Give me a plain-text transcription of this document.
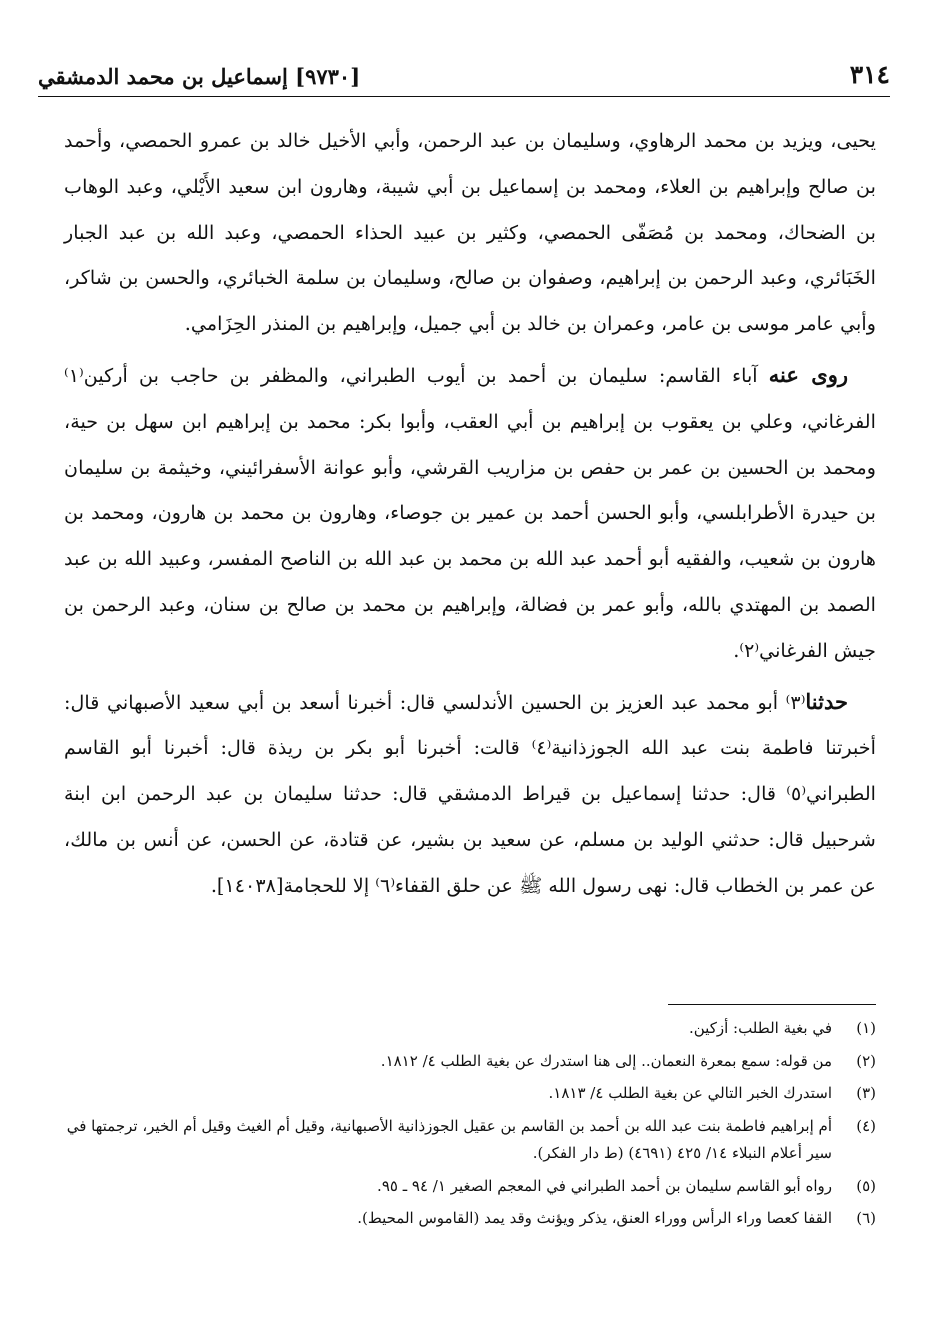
٣١٤
[٩٧٣٠] إسماعيل بن محمد الدمشقي

يحيى، ويزيد بن محمد الرهاوي، وسليمان بن عبد الرحمن، وأبي الأخيل خالد بن عمرو الحمصي، وأحمد بن صالح وإبراهيم بن العلاء، ومحمد بن إسماعيل بن أبي شيبة، وهارون ابن سعيد الأَيْلي، وعبد الوهاب بن الضحاك، ومحمد بن مُصَفّى الحمصي، وكثير بن عبيد الحذاء الحمصي، وعبد الله بن عبد الجبار الخَبَائري، وعبد الرحمن بن إبراهيم، وصفوان بن صالح، وسليمان بن سلمة الخبائري، والحسن بن شاكر، وأبي عامر موسى بن عامر، وعمران بن خالد بن أبي جميل، وإبراهيم بن المنذر الحِزَامي.

روى عنه آباء القاسم: سليمان بن أحمد بن أيوب الطبراني، والمظفر بن حاجب بن أركين⁽١⁾ الفرغاني، وعلي بن يعقوب بن إبراهيم بن أبي العقب، وأبوا بكر: محمد بن إبراهيم ابن سهل بن حية، ومحمد بن الحسين بن عمر بن حفص بن مزاريب القرشي، وأبو عوانة الأسفرائيني، وخيثمة بن سليمان بن حيدرة الأطرابلسي، وأبو الحسن أحمد بن عمير بن جوصاء، وهارون بن محمد بن هارون، ومحمد بن هارون بن شعيب، والفقيه أبو أحمد عبد الله بن محمد بن عبد الله بن الناصح المفسر، وعبيد الله بن عبد الصمد بن المهتدي بالله، وأبو عمر بن فضالة، وإبراهيم بن محمد بن صالح بن سنان، وعبد الرحمن بن جيش الفرغاني⁽٢⁾.

حدثنا⁽٣⁾ أبو محمد عبد العزيز بن الحسين الأندلسي قال: أخبرنا أسعد بن أبي سعيد الأصبهاني قال: أخبرتنا فاطمة بنت عبد الله الجوزذانية⁽٤⁾ قالت: أخبرنا أبو بكر بن ريذة قال: أخبرنا أبو القاسم الطبراني⁽٥⁾ قال: حدثنا إسماعيل بن قيراط الدمشقي قال: حدثنا سليمان بن عبد الرحمن ابن ابنة شرحبيل قال: حدثني الوليد بن مسلم، عن سعيد بن بشير، عن قتادة، عن الحسن، عن أنس بن مالك، عن عمر بن الخطاب قال: نهى رسول الله ﷺ عن حلق القفاء⁽٦⁾ إلا للحجامة[١٤٠٣٨].

(١)
في بغية الطلب: أزكين.
(٢)
من قوله: سمع بمعرة النعمان.. إلى هنا استدرك عن بغية الطلب ٤/ ١٨١٢.
(٣)
استدرك الخبر التالي عن بغية الطلب ٤/ ١٨١٣.
(٤)
أم إبراهيم فاطمة بنت عبد الله بن أحمد بن القاسم بن عقيل الجوزذانية الأصبهانية، وقيل أم الغيث وقيل أم الخير، ترجمتها في سير أعلام النبلاء ١٤/ ٤٢٥ (٤٦٩١) (ط دار الفكر).
(٥)
رواه أبو القاسم سليمان بن أحمد الطبراني في المعجم الصغير ١/ ٩٤ ـ ٩٥.
(٦)
القفا كعصا وراء الرأس ووراء العنق، يذكر ويؤنث وقد يمد (القاموس المحيط).
